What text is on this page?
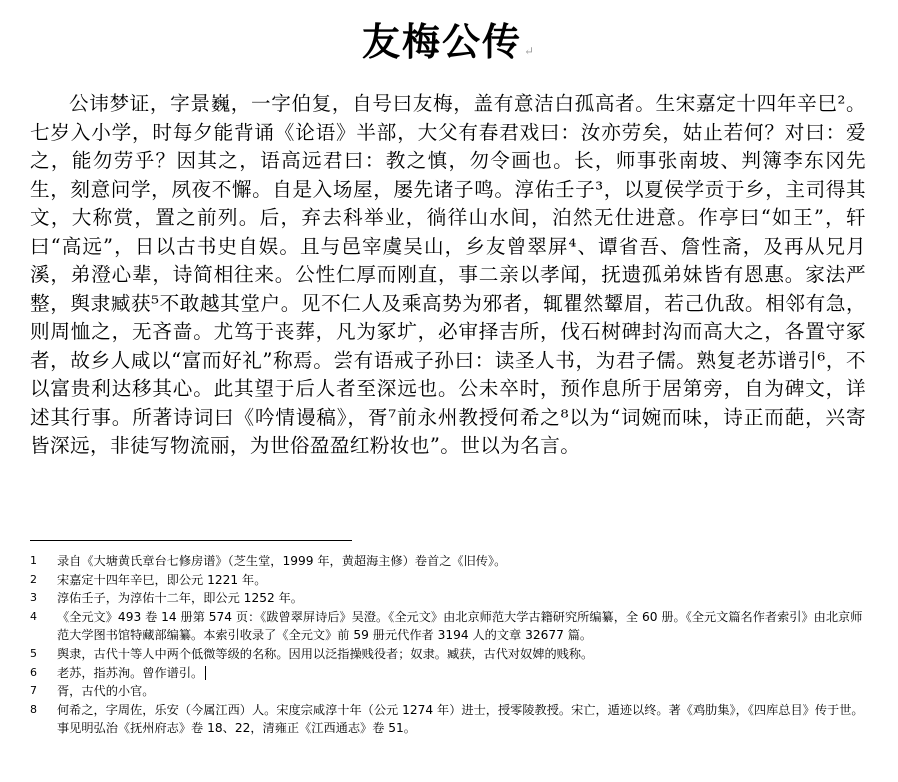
友梅公传 ↵

公讳梦证，字景巍，一字伯复，自号曰友梅，盖有意洁白孤高者。生宋嘉定十四年辛巳²。七岁入小学，时每夕能背诵《论语》半部，大父有春君戏曰：汝亦劳矣，姑止若何？对曰：爱之，能勿劳乎？因其之，语高远君曰：教之慎，勿令画也。长，师事张南坡、判簿李东冈先生，刻意问学，夙夜不懈。自是入场屋，屡先诸子鸣。淳佑壬子³，以夏侯学贡于乡，主司得其文，大称赏，置之前列。后，弃去科举业，徜徉山水间，泊然无仕进意。作亭曰“如王”，轩曰“高远”，日以古书史自娱。且与邑宰虞吴山，乡友曾翠屏⁴、谭省吾、詹性斋，及再从兄月溪，弟澄心辈，诗简相往来。公性仁厚而刚直，事二亲以孝闻，抚遗孤弟妹皆有恩惠。家法严整，舆隶臧获⁵不敢越其堂户。见不仁人及乘高势为邪者，辄瞿然颦眉，若己仇敌。相邻有急，则周恤之，无吝啬。尤笃于丧葬，凡为冢圹，必审择吉所，伐石树碑封沟而高大之，各置守冢者，故乡人咸以“富而好礼”称焉。尝有语戒子孙曰：读圣人书，为君子儒。熟复老苏谱引⁶，不以富贵利达移其心。此其望于后人者至深远也。公未卒时，预作息所于居第旁，自为碑文，详述其行事。所著诗词曰《吟情谩稿》，胥⁷前永州教授何希之⁸以为“词婉而味，诗正而葩，兴寄皆深远，非徒写物流丽，为世俗盈盈红粉妆也”。世以为名言。

1	录自《大塘黄氏章台七修房谱》（芝生堂，1999 年，黄超海主修）卷首之《旧传》。
2	宋嘉定十四年辛巳，即公元 1221 年。
3	淳佑壬子，为淳佑十二年，即公元 1252 年。
4	《全元文》493 卷 14 册第 574 页：《跋曾翠屏诗后》吴澄。《全元文》由北京师范大学古籍研究所编纂，全 60 册。《全元文篇名作者索引》由北京师范大学图书馆特藏部编纂。本索引收录了《全元文》前 59 册元代作者 3194 人的文章 32677 篇。
5	舆隶，古代十等人中两个低微等级的名称。因用以泛指操贱役者；奴隶。臧获，古代对奴婢的贱称。
6	老苏，指苏洵。曾作谱引。
7	胥，古代的小官。
8	何希之，字周佐，乐安（今属江西）人。宋度宗咸淳十年（公元 1274 年）进士，授零陵教授。宋亡，遁迹以终。著《鸡肋集》，《四库总目》传于世。事见明弘治《抚州府志》卷 18、22，清雍正《江西通志》卷 51。
